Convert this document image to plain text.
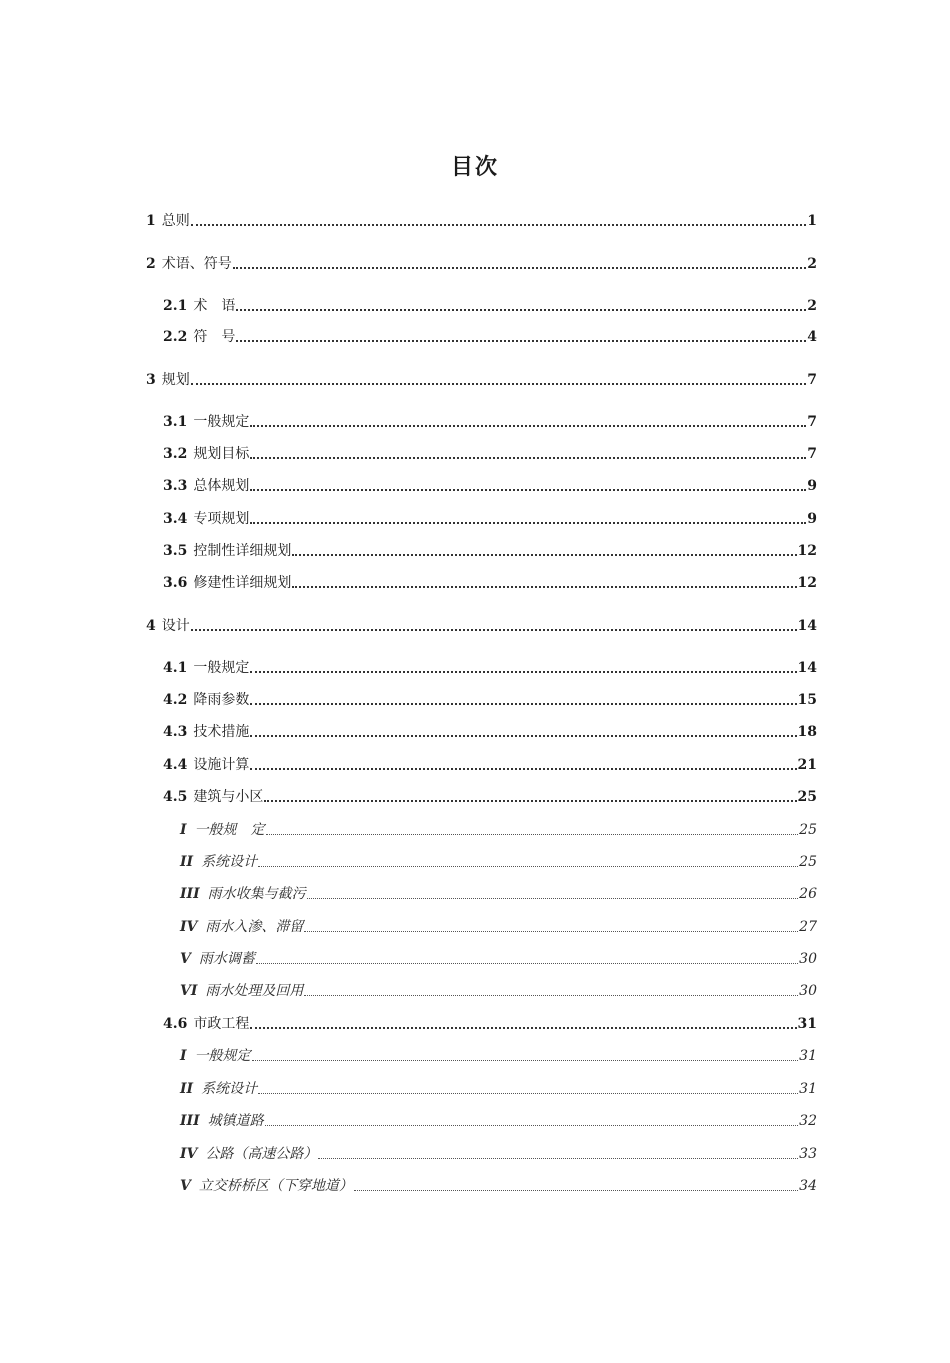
目次
1 总则	1
2 术语、符号	2
2.1 术　语	2
2.2 符　号	4
3 规划	7
3.1 一般规定	7
3.2 规划目标	7
3.3 总体规划	9
3.4 专项规划	9
3.5 控制性详细规划	12
3.6 修建性详细规划	12
4 设计	14
4.1 一般规定	14
4.2 降雨参数	15
4.3 技术措施	18
4.4 设施计算	21
4.5 建筑与小区	25
I 一般规　定	25
II 系统设计	25
III 雨水收集与截污	26
IV 雨水入渗、滞留	27
V 雨水调蓄	30
VI 雨水处理及回用	30
4.6 市政工程	31
I 一般规定	31
II 系统设计	31
III 城镇道路	32
IV 公路（高速公路）	33
V 立交桥桥区（下穿地道）	34
